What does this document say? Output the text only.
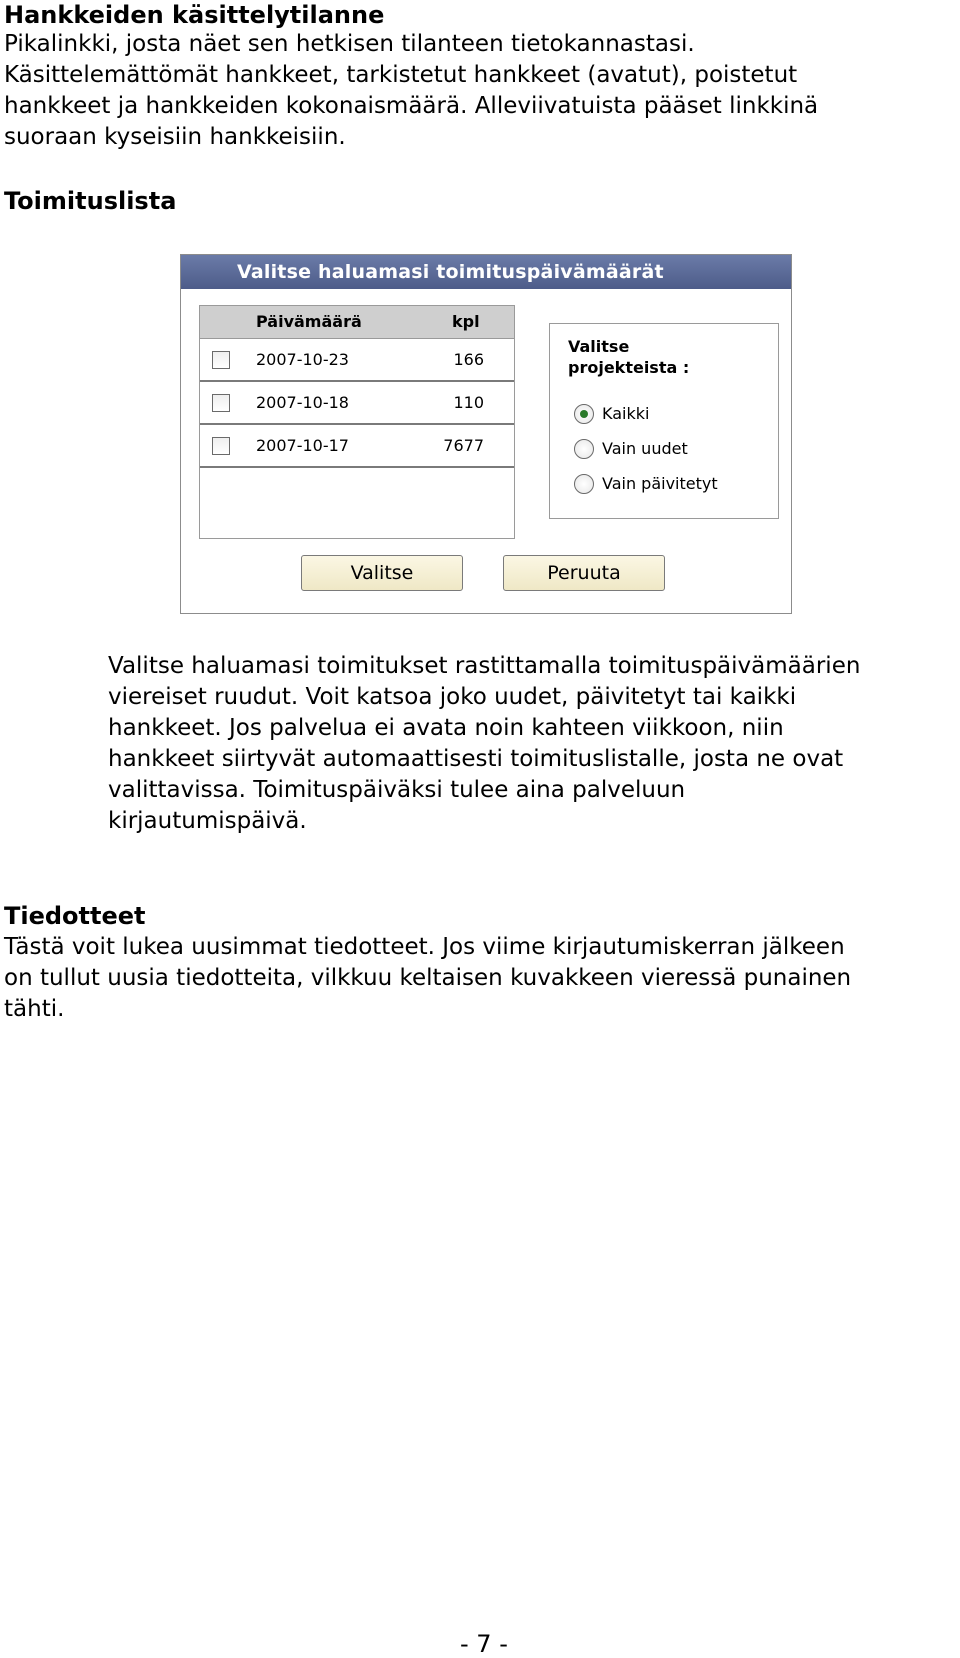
Hankkeiden käsittelytilanne

Pikalinkki, josta näet sen hetkisen tilanteen tietokannastasi.
Käsittelemättömät hankkeet, tarkistetut hankkeet (avatut), poistetut
hankkeet ja hankkeiden kokonaismäärä. Alleviivatuista pääset linkkinä
suoraan kyseisiin hankkeisiin.

Toimituslista
Valitse haluamasi toimituspäivämäärät
Päivämäärä	kpl
2007-10-23	166
2007-10-18	110
2007-10-17	7677
Valitse
projekteista :
Kaikki
Vain uudet
Vain päivitetyt
Valitse	Peruuta

Valitse haluamasi toimitukset rastittamalla toimituspäivämäärien
viereiset ruudut. Voit katsoa joko uudet, päivitetyt tai kaikki
hankkeet. Jos palvelua ei avata noin kahteen viikkoon, niin
hankkeet siirtyvät automaattisesti toimituslistalle, josta ne ovat
valittavissa. Toimituspäiväksi tulee aina palveluun
kirjautumispäivä.

Tiedotteet

Tästä voit lukea uusimmat tiedotteet. Jos viime kirjautumiskerran jälkeen
on tullut uusia tiedotteita, vilkkuu keltaisen kuvakkeen vieressä punainen
tähti.

- 7 -
